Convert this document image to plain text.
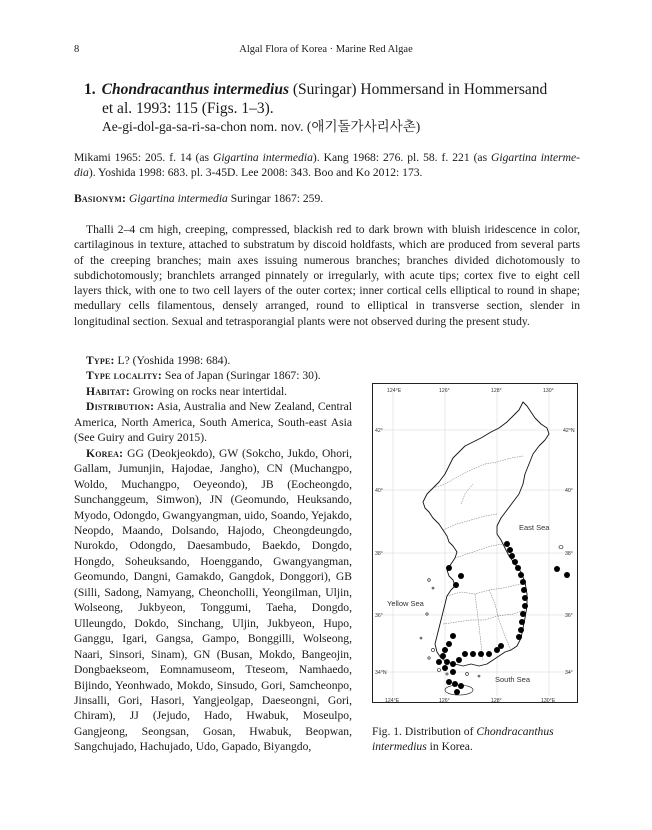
8	Algal Flora of Korea · Marine Red Algae
1. Chondracanthus intermedius (Suringar) Hommersand in Hommersand
et al. 1993: 115 (Figs. 1–3).
Ae-gi-dol-ga-sa-ri-sa-chon nom. nov. (애기돌가사리사촌)

Mikami 1965: 205. f. 14 (as Gigartina intermedia). Kang 1968: 276. pl. 58. f. 221 (as Gigartina interme-dia). Yoshida 1998: 683. pl. 3-45D. Lee 2008: 343. Boo and Ko 2012: 173.

Basionym: Gigartina intermedia Suringar 1867: 259.

Thalli 2–4 cm high, creeping, compressed, blackish red to dark brown with bluish iridescence in color, cartilaginous in texture, attached to substratum by discoid holdfasts, which are produced from several parts of the creeping branches; main axes issuing numerous branches; branches divided dichotomously to subdichotomously; branchlets arranged pinnately or irregularly, with acute tips; cortex five to eight cell layers thick, with one to two cell layers of the outer cortex; inner cortical cells elliptical to round in shape; medullary cells filamentous, densely arranged, round to elliptical in transverse section, slender in longitudinal section. Sexual and tetrasporangial plants were not observed during the present study.

Type: L? (Yoshida 1998: 684).

Type locality: Sea of Japan (Suringar 1867: 30).

Habitat: Growing on rocks near intertidal.

Distribution: Asia, Australia and New Zealand, Central America, North America, South America, South-east Asia (See Guiry and Guiry 2015).

Korea: GG (Deokjeokdo), GW (Sokcho, Jukdo, Ohori, Gallam, Jumunjin, Hajodae, Jangho), CN (Muchangpo, Woldo, Muchangpo, Oeyeondo), JB (Eocheongdo, Sunchanggeum, Simwon), JN (Geomundo, Heuksando, Myodo, Odongdo, Gwangyangman, uido, Soando, Yejakdo, Neopdo, Maando, Dolsando, Hajodo, Cheongdeungdo, Nurokdo, Odongdo, Daesambudo, Baekdo, Dongdo, Hongdo, Soheuksando, Hoenggando, Gwangyangman, Geomundo, Dangni, Gamakdo, Gangdok, Donggori), GB (Silli, Sadong, Namyang, Cheoncholli, Yeongilman, Uljin, Wolseong, Jukbyeon, Tonggumi, Taeha, Dongdo, Ulleungdo, Dokdo, Sinchang, Uljin, Jukbyeon, Hupo, Ganggu, Igari, Gangsa, Gampo, Bonggilli, Wolseong, Naari, Sinsori, Sinam), GN (Busan, Mokdo, Bangeojin, Dongbaekseom, Eomnamuseom, Tteseom, Namhaedo, Bijindo, Yeonhwado, Mokdo, Sinsudo, Gori, Samcheonpo, Jinsalli, Gori, Hasori, Yangjeolgap, Daeseongni, Gori, Chiram), JJ (Jejudo, Hado, Hwabuk, Moseulpo, Gangjeong, Seongsan, Gosan, Hwabuk, Beopwan, Sangchujado, Hachujado, Udo, Gapado, Biyangdo,

124°E	126°	128°	130°
124°E	126°	128°	130°E
42°
40°
38°
36°
34°N
42°N
40°
38°
36°
34°
East Sea
Yellow Sea
South Sea
Fig. 1. Distribution of Chondracanthus intermedius in Korea.
